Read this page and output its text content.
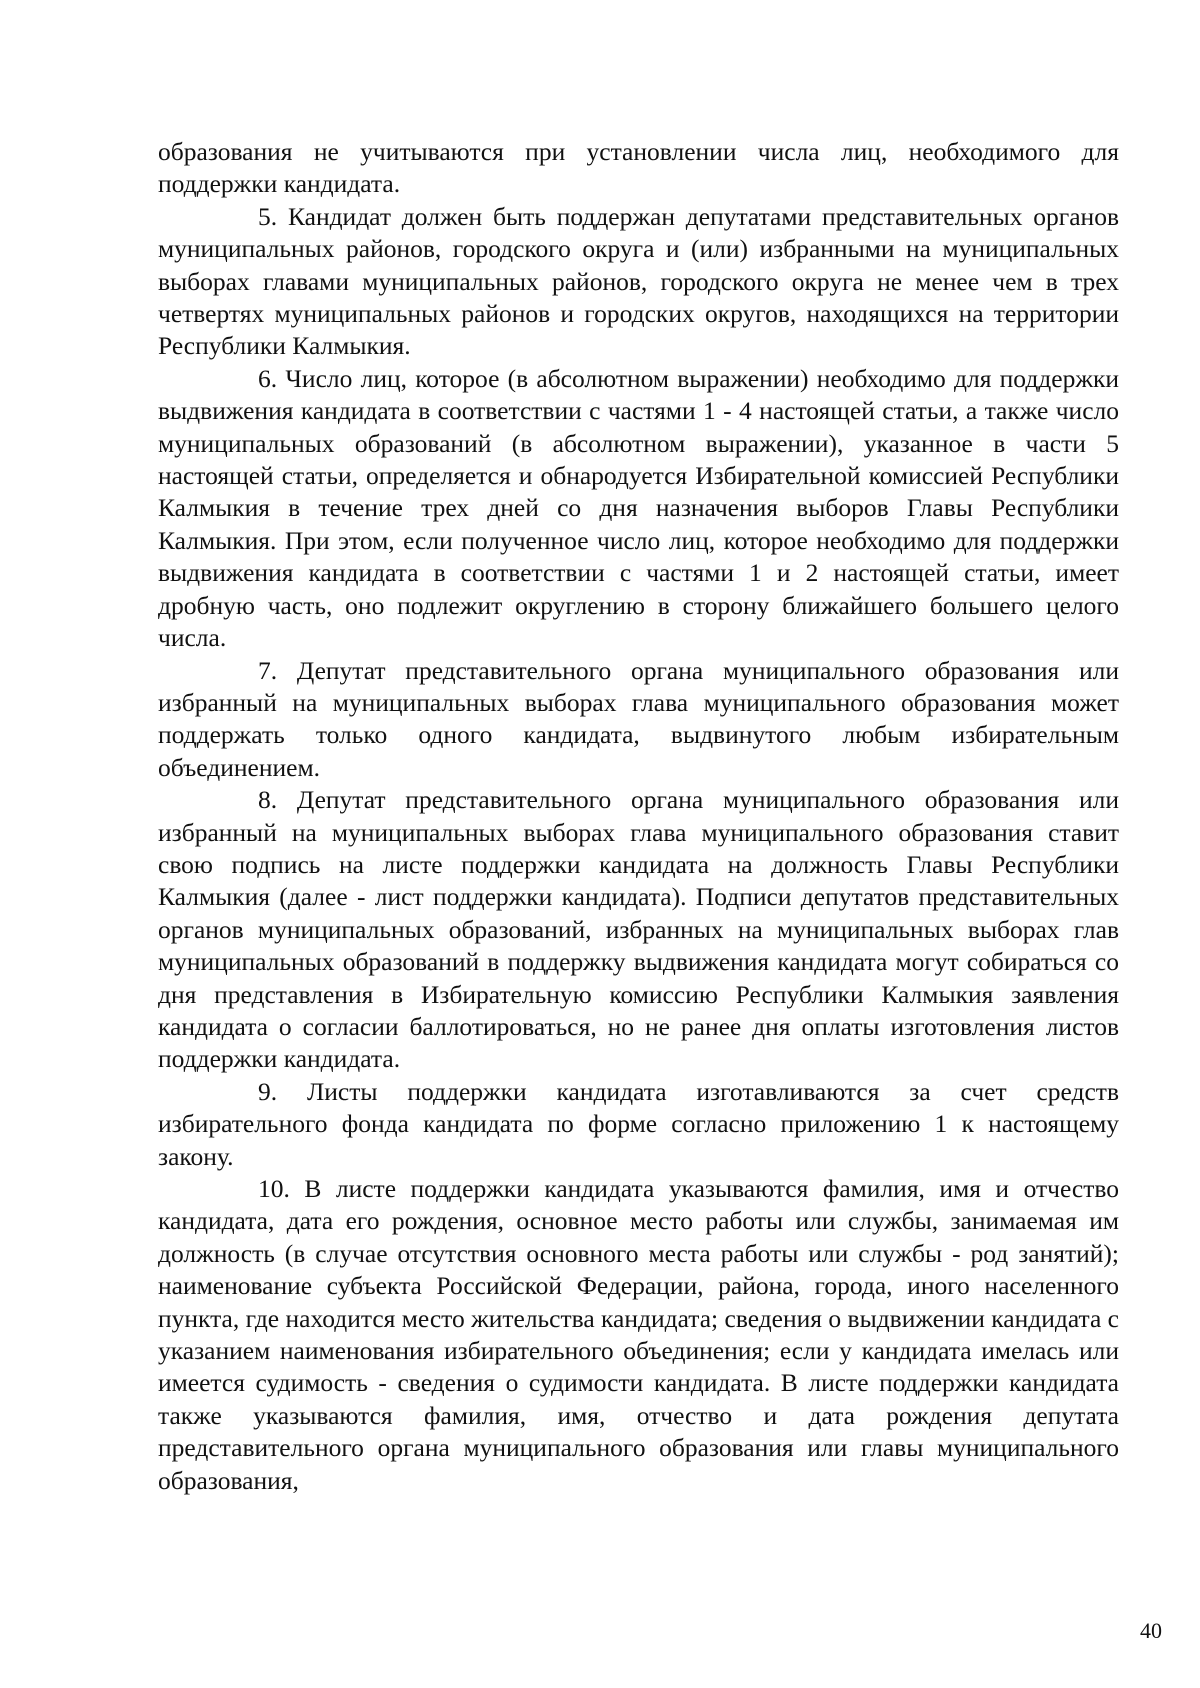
образования не учитываются при установлении числа лиц, необходимого для поддержки кандидата.

5. Кандидат должен быть поддержан депутатами представительных органов муниципальных районов, городского округа и (или) избранными на муниципальных выборах главами муниципальных районов, городского округа не менее чем в трех четвертях муниципальных районов и городских округов, находящихся на территории Республики Калмыкия.

6. Число лиц, которое (в абсолютном выражении) необходимо для поддержки выдвижения кандидата в соответствии с частями 1 - 4 настоящей статьи, а также число муниципальных образований (в абсолютном выражении), указанное в части 5 настоящей статьи, определяется и обнародуется Избирательной комиссией Республики Калмыкия в течение трех дней со дня назначения выборов Главы Республики Калмыкия. При этом, если полученное число лиц, которое необходимо для поддержки выдвижения кандидата в соответствии с частями 1 и 2 настоящей статьи, имеет дробную часть, оно подлежит округлению в сторону ближайшего большего целого числа.

7. Депутат представительного органа муниципального образования или избранный на муниципальных выборах глава муниципального образования может поддержать только одного кандидата, выдвинутого любым избирательным объединением.

8. Депутат представительного органа муниципального образования или избранный на муниципальных выборах глава муниципального образования ставит свою подпись на листе поддержки кандидата на должность Главы Республики Калмыкия (далее - лист поддержки кандидата). Подписи депутатов представительных органов муниципальных образований, избранных на муниципальных выборах глав муниципальных образований в поддержку выдвижения кандидата могут собираться со дня представления в Избирательную комиссию Республики Калмыкия заявления кандидата о согласии баллотироваться, но не ранее дня оплаты изготовления листов поддержки кандидата.

9. Листы поддержки кандидата изготавливаются за счет средств избирательного фонда кандидата по форме согласно приложению 1 к настоящему закону.

10. В листе поддержки кандидата указываются фамилия, имя и отчество кандидата, дата его рождения, основное место работы или службы, занимаемая им должность (в случае отсутствия основного места работы или службы - род занятий); наименование субъекта Российской Федерации, района, города, иного населенного пункта, где находится место жительства кандидата; сведения о выдвижении кандидата с указанием наименования избирательного объединения; если у кандидата имелась или имеется судимость - сведения о судимости кандидата. В листе поддержки кандидата также указываются фамилия, имя, отчество и дата рождения депутата представительного органа муниципального образования или главы муниципального образования,

40
